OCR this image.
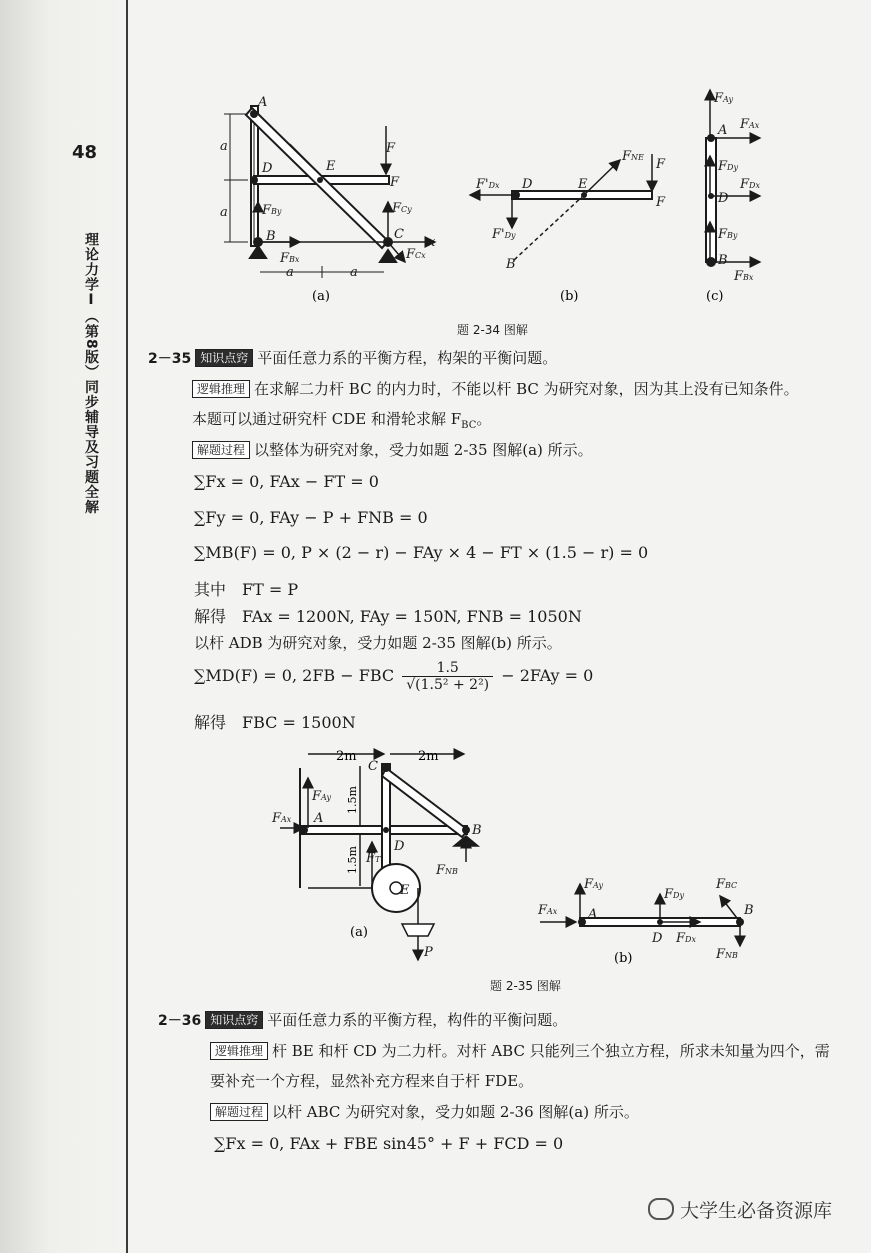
48
理论力学Ⅰ（第8版）同步辅导及习题全解
A
D	E
F
F
B	C
x
a
a
a	a
FBy
FBx
FCy
FCx
D	E
F
F
FNE
F'Dx
F'Dy
B
FAy
FAx
A
FDy
FDx
D
FBy
B
FBx
(a)	(b)	(c)
题 2-34 图解
2－35 知识点窍 平面任意力系的平衡方程，构架的平衡问题。
逻辑推理 在求解二力杆 BC 的内力时，不能以杆 BC 为研究对象，因为其上没有已知条件。
本题可以通过研究杆 CDE 和滑轮求解 $F_{BC}$。
解题过程 以整体为研究对象，受力如题 2-35 图解(a) 所示。
∑Fx = 0, FAx − FT = 0
∑Fy = 0, FAy − P + FNB = 0
∑MB(F) = 0, P × (2 − r) − FAy × 4 − FT × (1.5 − r) = 0
其中　FT = P
解得　FAx = 1200N, FAy = 150N, FNB = 1050N
以杆 ADB 为研究对象，受力如题 2-35 图解(b) 所示。
∑MD(F) = 0, 2FB − FBC $\frac{1.5}{\text{√(1.5² + 2²)}} - 2FAy = 0$
解得　FBC = 1500N
C
A
D
B
E
P
FAy
FAx
FT
FNB
2m	2m
1.5m
1.5m
(a)
FAy
FAx A
FDy
D FDx
FBC
B
FNB
(b)
题 2-35 图解
2－36 知识点窍 平面任意力系的平衡方程，构件的平衡问题。
逻辑推理 杆 BE 和杆 CD 为二力杆。对杆 ABC 只能列三个独立方程，所求未知量为四个，需
要补充一个方程，显然补充方程来自于杆 FDE。
解题过程 以杆 ABC 为研究对象，受力如题 2-36 图解(a) 所示。
∑Fx = 0, FAx + FBE sin45° + F + FCD = 0
大学生必备资源库
